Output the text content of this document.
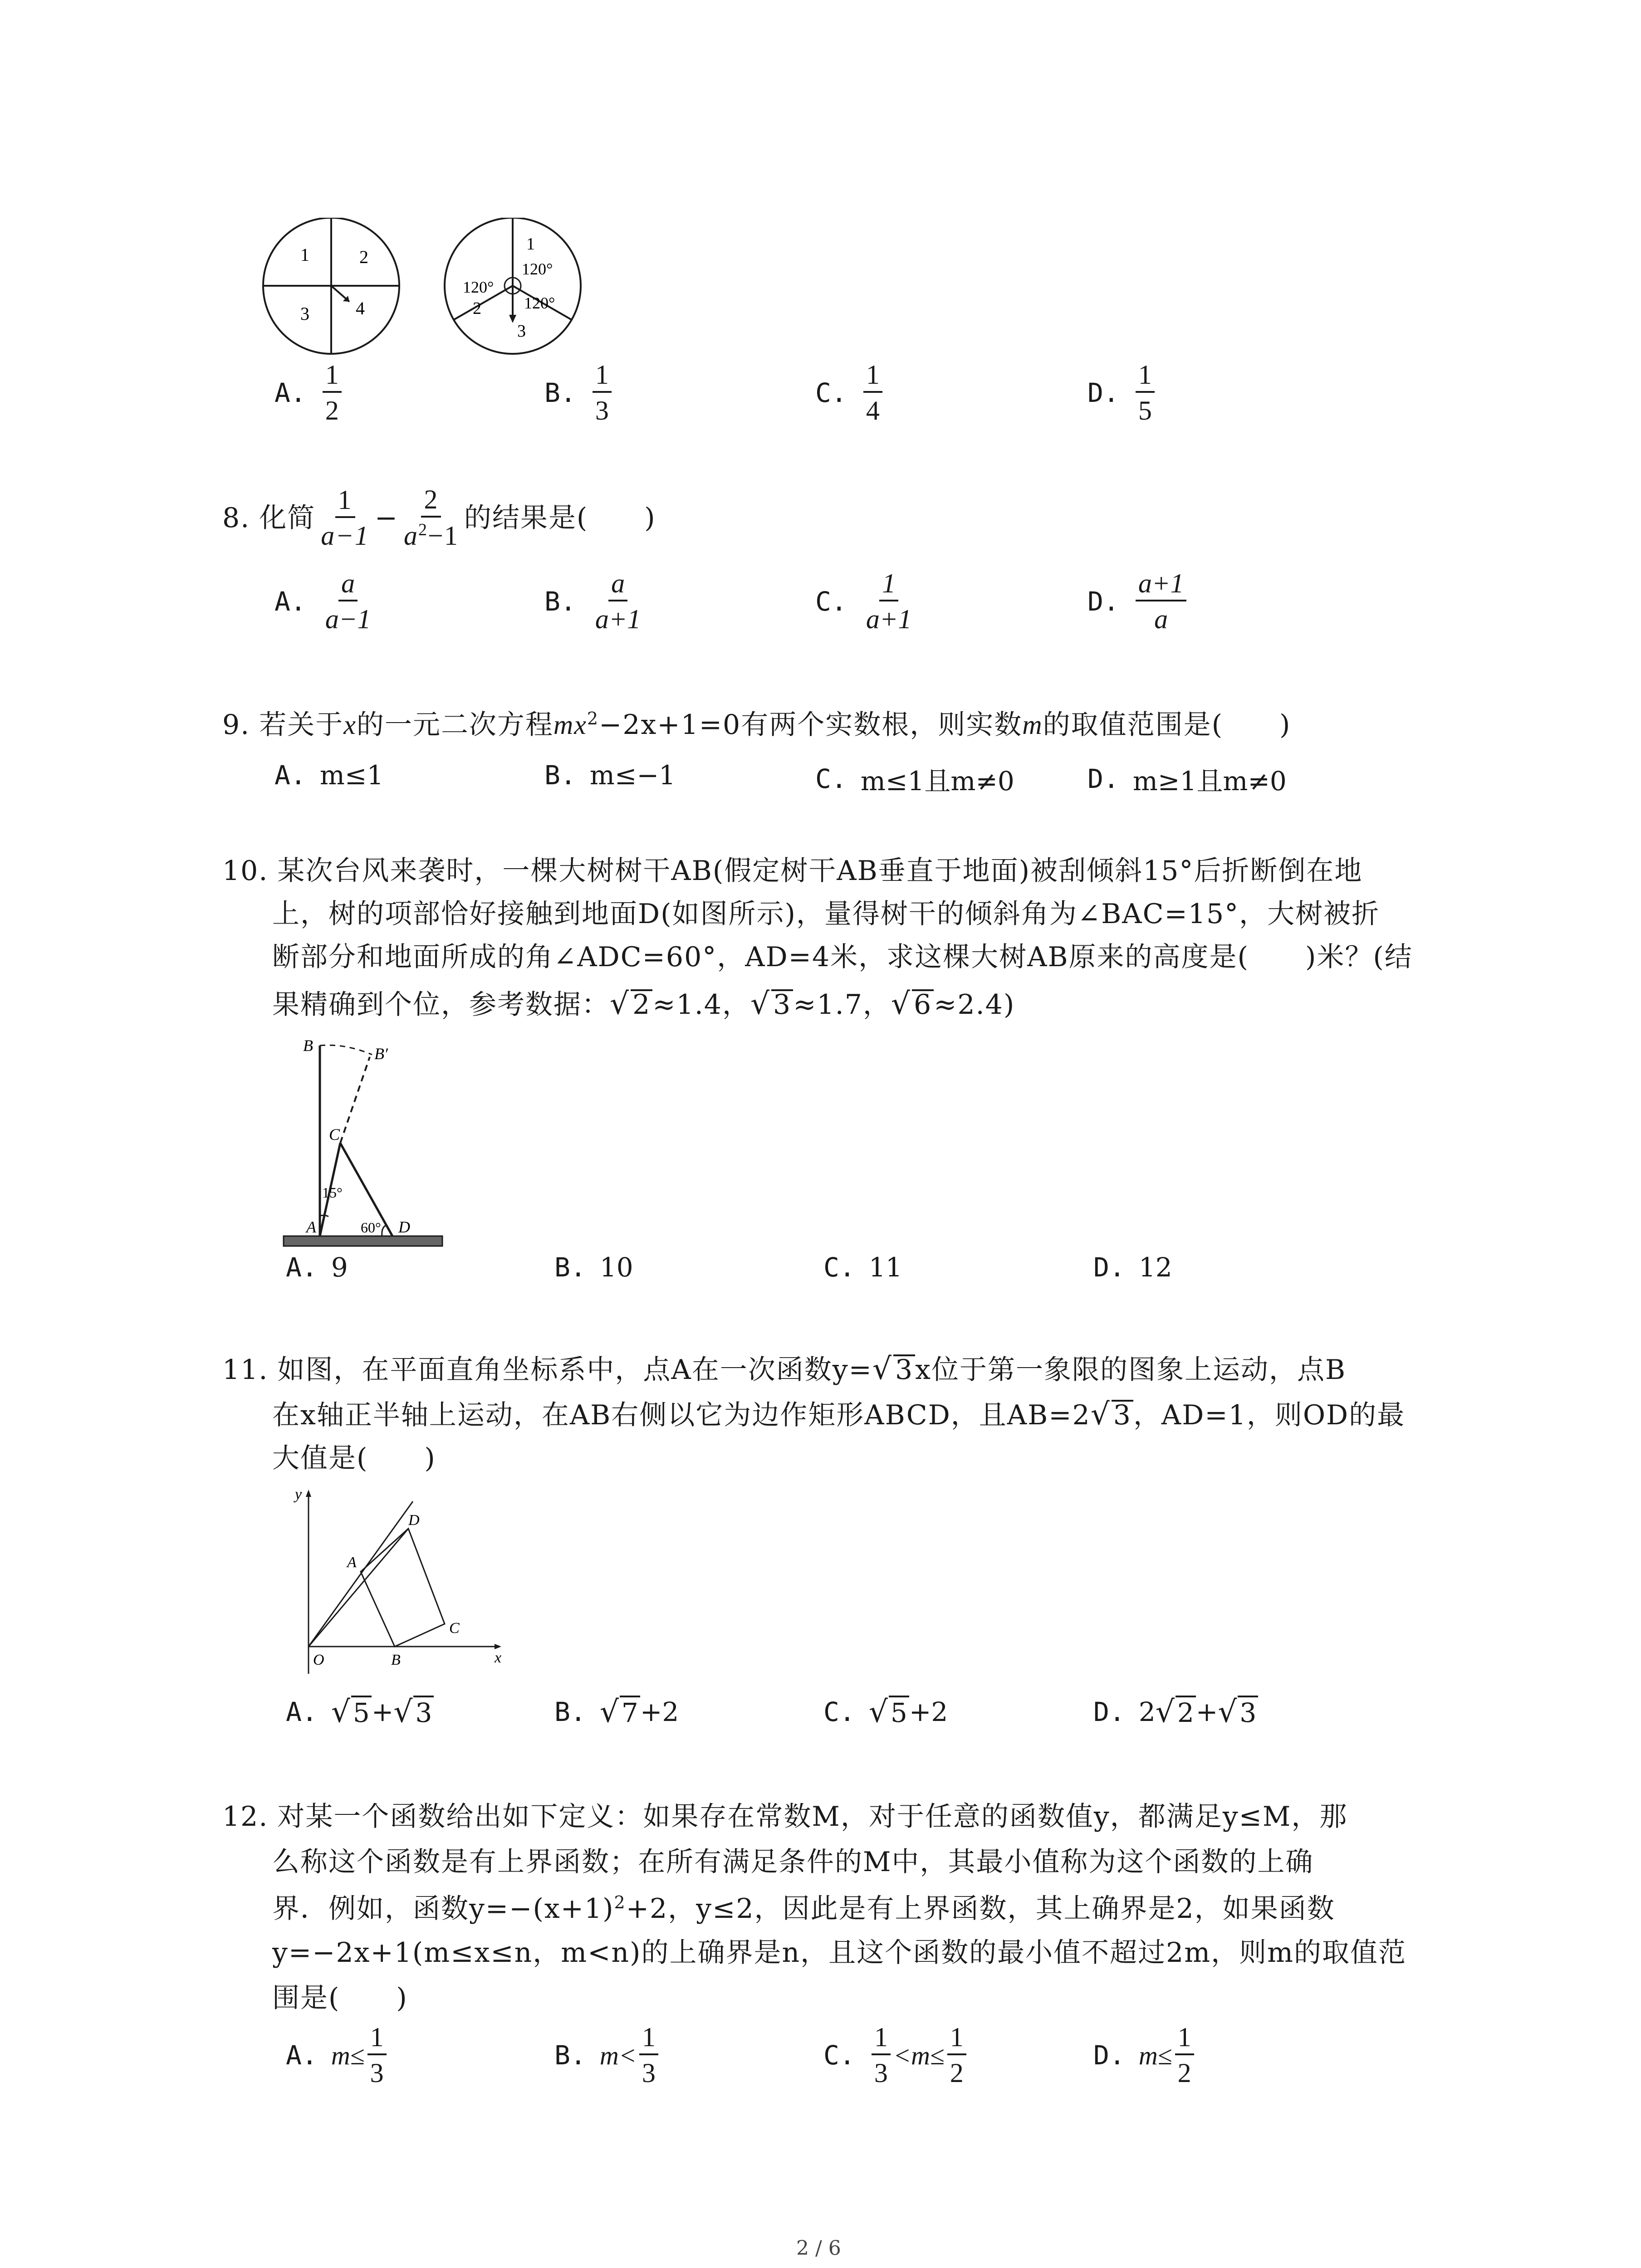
1	2
3	4
1
120°
120°
2	120°
3
A. $\frac{1}{2}$	B. $\frac{1}{3}$	C. $\frac{1}{4}$	D. $\frac{1}{5}$
8. 化简 $\frac{1}{a-1} - \frac{2}{a^2-1}$ 的结果是(　　)
A. $\frac{a}{a-1}$	B. $\frac{a}{a+1}$	C. $\frac{1}{a+1}$	D. $\frac{a+1}{a}$
9. 若关于x的一元二次方程$mx^2-2x+1=0$有两个实数根，则实数m的取值范围是(　　)
A. m≤1	B. m≤−1	C. m≤1且m≠0	D. m≥1且m≠0
10. 某次台风来袭时，一棵大树树干AB(假定树干AB垂直于地面)被刮倾斜15°后折断倒在地
上，树的项部恰好接触到地面D(如图所示)，量得树干的倾斜角为∠BAC=15°，大树被折
断部分和地面所成的角∠ADC=60°，AD=4米，求这棵大树AB原来的高度是(　　)米？(结
果精确到个位，参考数据：√ 2≈1.4，√ 3≈1.7，√ 6≈2.4)
B	B′
C
15°
A	60° D
A. 9	B. 10	C. 11	D. 12
11. 如图，在平面直角坐标系中，点A在一次函数y=√ 3x位于第一象限的图象上运动，点B
在x轴正半轴上运动，在AB右侧以它为边作矩形ABCD，且AB=2√ 3，AD=1，则OD的最
大值是(　　)
y
D
A
C
O	B	x
A. √ 5 + √ 3	B. √ 7 +2	C. √ 5 +2	D. 2 √ 2 + √ 3
12. 对某一个函数给出如下定义：如果存在常数M，对于任意的函数值y，都满足y≤M，那
么称这个函数是有上界函数；在所有满足条件的M中，其最小值称为这个函数的上确
界．例如，函数$y=-(x+1)^2+2$，y≤2，因此是有上界函数，其上确界是2，如果函数
y=−2x+1(m≤x≤n，m<n)的上确界是n，且这个函数的最小值不超过2m，则m的取值范
围是(　　)
A. $m\le \frac{1}{3}$	B. $m< \frac{1}{3}$	C. $\frac{1}{3} <m\le \frac{1}{2}$	D. $m\le \frac{1}{2}$
2 / 6
